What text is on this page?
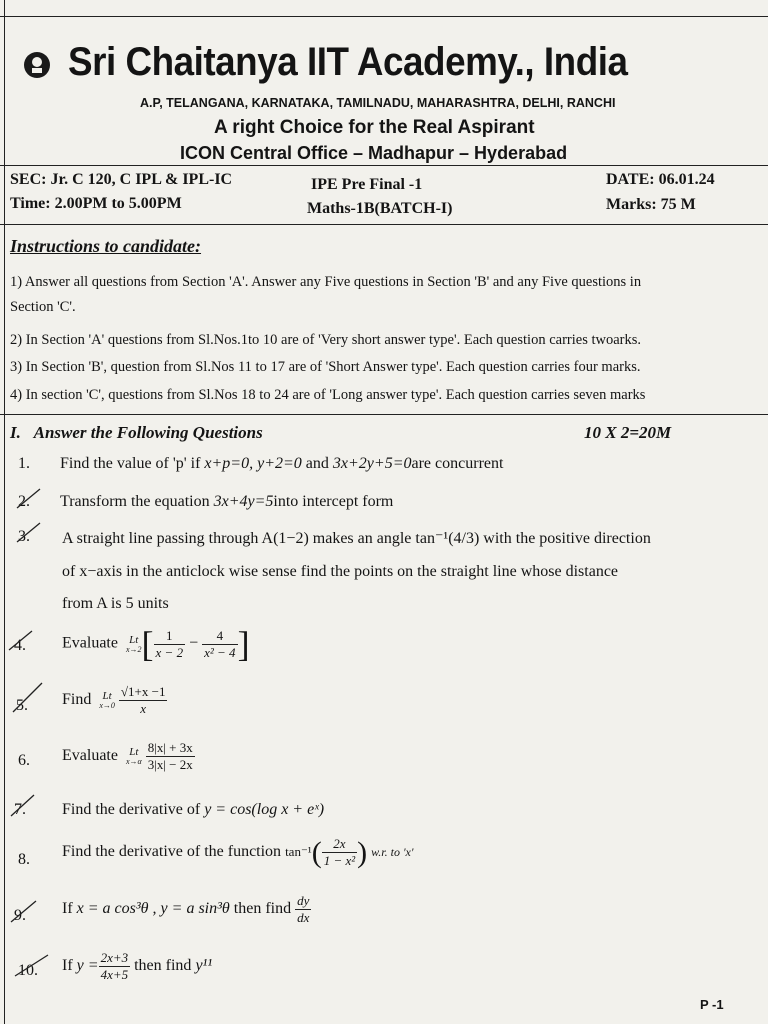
Sri Chaitanya IIT Academy., India
A.P, TELANGANA, KARNATAKA, TAMILNADU, MAHARASHTRA, DELHI, RANCHI
A right Choice for the Real Aspirant
ICON Central Office – Madhapur – Hyderabad
SEC: Jr. C 120, C IPL & IPL-IC	IPE Pre Final -1	DATE: 06.01.24
Time: 2.00PM to 5.00PM	Maths-1B(BATCH-I)	Marks: 75 M
Instructions to candidate:
1) Answer all questions from Section 'A'. Answer any Five questions in Section 'B' and any Five questions in
Section 'C'.
2) In Section 'A' questions from Sl.Nos.1to 10 are of 'Very short answer type'. Each question carries twoarks.
3) In Section 'B', question from Sl.Nos 11 to 17 are of 'Short Answer type'. Each question carries four marks.
4) In section 'C', questions from Sl.Nos 18 to 24 are of 'Long answer type'. Each question carries seven marks
I. Answer the Following Questions	10 X 2=20M
1. Find the value of 'p' if x+p=0, y+2=0 and 3x+2y+5=0are concurrent
2. Transform the equation 3x+4y=5into intercept form
3. A straight line passing through A(1−2) makes an angle tan⁻¹(4/3) with the positive direction
of x−axis in the anticlock wise sense find the points on the straight line whose distance
from A is 5 units
4. Evaluate Lt
x→2 [ $\frac{1}{x - 2} - \frac{4}{\text{x² − 4}}$ ]
5. Find Lt
x→0
$\frac{√1+x -1}{x}$
6. Evaluate Lt
x→α
$\frac{8|x| + 3x}{3|x| - 2x}$
7. Find the derivative of y = cos(log x + eˣ)
8. Find the derivative of the function $\tan^{-1}( \frac{2x}{\text{1 − x²}}$ ) w.r. to 'x'
9. If x = a cos³θ , y = a sin³θ then find $\frac{dy}{dx}$
10. If $y = \frac{2x+3}{4x+5}$ then find y¹¹
P -1
